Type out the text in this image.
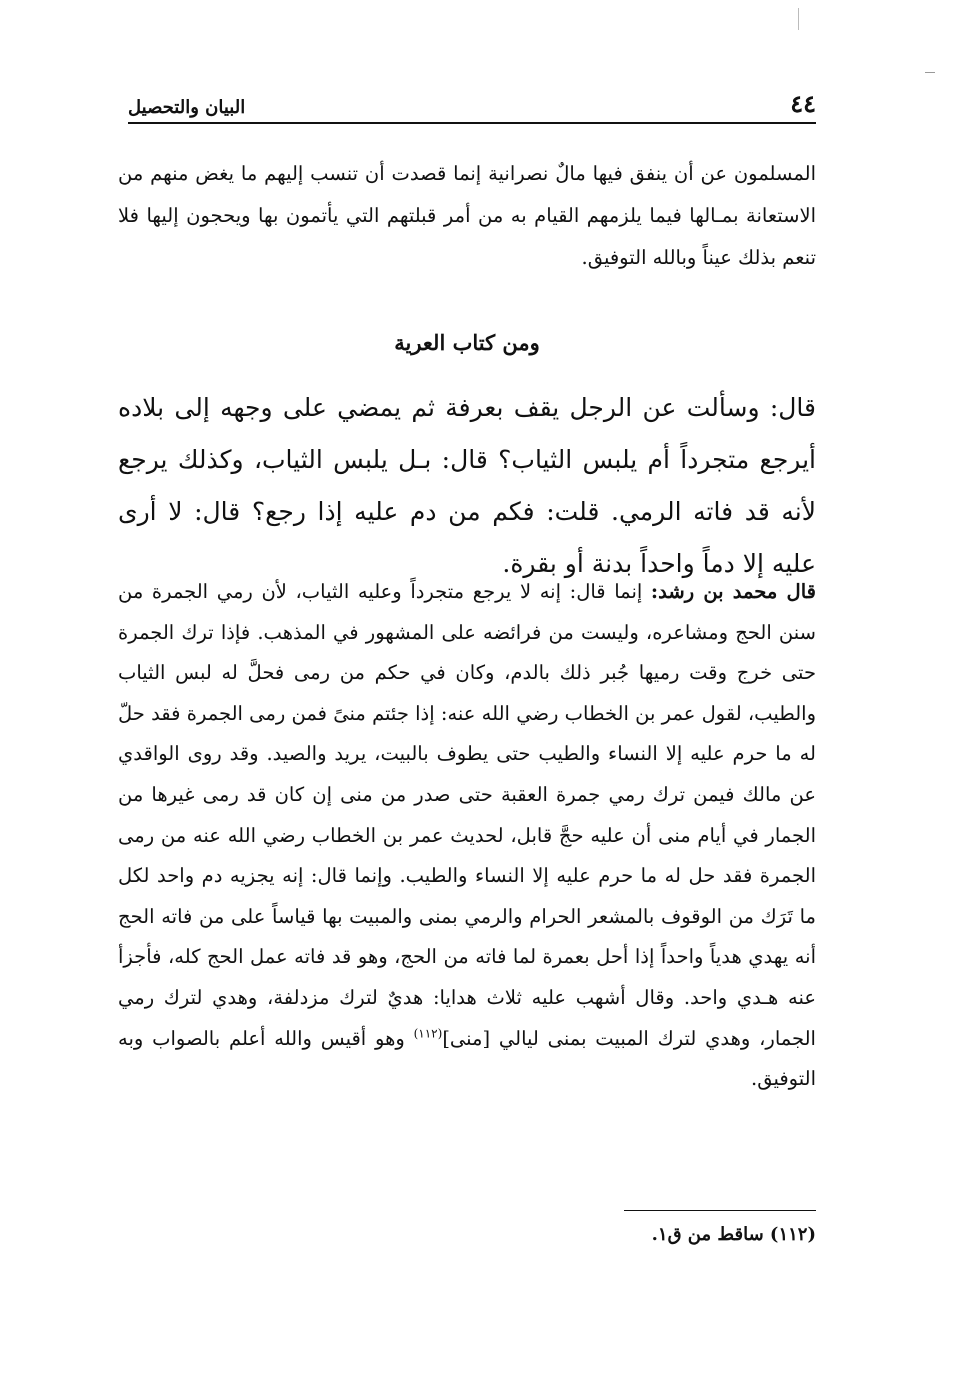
٤٤
البيان والتحصيل

المسلمون عن أن ينفق فيها مالٌ نصرانية إنما قصدت أن تنسب إليهم ما يغض منهم من الاستعانة بمـالها فيما يلزمهم القيام به من أمر قبلتهم التي يأتمون بها ويحجون إليها فلا تنعم بذلك عيناً وبالله التوفيق.

ومن كتاب العرية

قال: وسألت عن الرجل يقف بعرفة ثم يمضي على وجهه إلى بلاده أيرجع متجرداً أم يلبس الثياب؟ قال: بـل يلبس الثياب، وكذلك يرجع لأنه قد فاته الرمي. قلت: فكم من دم عليه إذا رجع؟ قال: لا أرى عليه إلا دماً واحداً بدنة أو بقرة.

قال محمد بن رشد: إنما قال: إنه لا يرجع متجرداً وعليه الثياب، لأن رمي الجمرة من سنن الحج ومشاعره، وليست من فرائضه على المشهور في المذهب. فإذا ترك الجمرة حتى خرج وقت رميها جُبر ذلك بالدم، وكان في حكم من رمى فحلَّ له لبس الثياب والطيب، لقول عمر بن الخطاب رضي الله عنه: إذا جئتم منىً فمن رمى الجمرة فقد حلّ له ما حرم عليه إلا النساء والطيب حتى يطوف بالبيت، يريد والصيد. وقد روى الواقدي عن مالك فيمن ترك رمي جمرة العقبة حتى صدر من منى إن كان قد رمى غيرها من الجمار في أيام منى أن عليه حجَّ قابل، لحديث عمر بن الخطاب رضي الله عنه من رمى الجمرة فقد حل له ما حرم عليه إلا النساء والطيب. وإنما قال: إنه يجزيه دم واحد لكل ما تَرَك من الوقوف بالمشعر الحرام والرمي بمنى والمبيت بها قياساً على من فاته الحج أنه يهدي هدياً واحداً إذا أحل بعمرة لما فاته من الحج، وهو قد فاته عمل الحج كله، فأجزأ عنه هـدي واحد. وقال أشهب عليه ثلاث هدايا: هديٌ لترك مزدلفة، وهدي لترك رمي الجمار، وهدي لترك المبيت بمنى ليالي [منى]$^{(١١٢)}$ وهو أقيس والله أعلم بالصواب وبه التوفيق.

(١١٢) ساقط من ق١.
